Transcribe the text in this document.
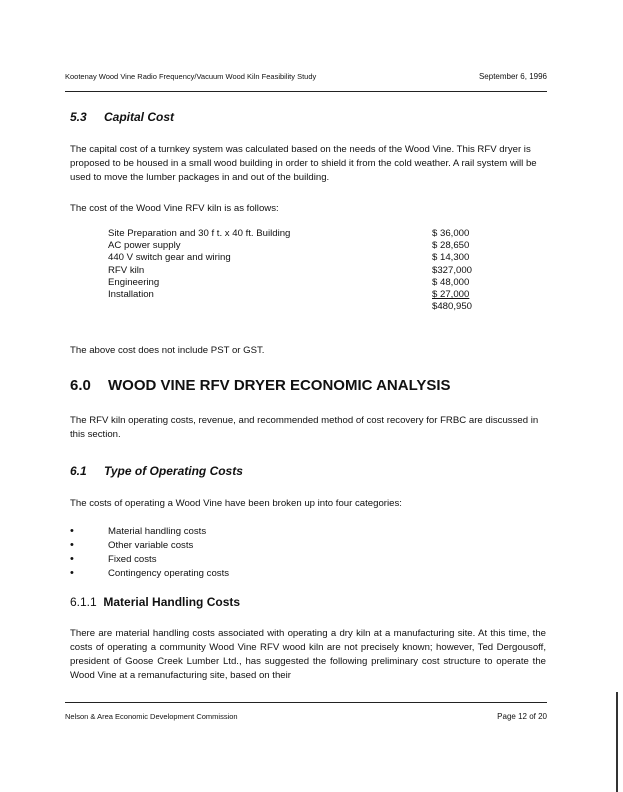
Kootenay Wood Vine Radio Frequency/Vacuum Wood Kiln Feasibility Study	September 6, 1996
5.3 Capital Cost
The capital cost of a turnkey system was calculated based on the needs of the Wood Vine. This RFV dryer is proposed to be housed in a small wood building in order to shield it from the cold weather. A rail system will be used to move the lumber packages in and out of the building.
The cost of the Wood Vine RFV kiln is as follows:
Site Preparation and 30 f t. x 40 ft. Building	$ 36,000
AC power supply	$ 28,650
440 V switch gear and wiring	$ 14,300
RFV kiln	$327,000
Engineering	$ 48,000
Installation	$ 27,000
$480,950
The above cost does not include PST or GST.
6.0 WOOD VINE RFV DRYER ECONOMIC ANALYSIS
The RFV kiln operating costs, revenue, and recommended method of cost recovery for FRBC are discussed in this section.
6.1 Type of Operating Costs
The costs of operating a Wood Vine have been broken up into four categories:
•	Material handling costs
•	Other variable costs
•	Fixed costs
•	Contingency operating costs
6.1.1 Material Handling Costs
There are material handling costs associated with operating a dry kiln at a manufacturing site. At this time, the costs of operating a community Wood Vine RFV wood kiln are not precisely known; however, Ted Dergousoff, president of Goose Creek Lumber Ltd., has suggested the following preliminary cost structure to operate the Wood Vine at a remanufacturing site, based on their
Nelson & Area Economic Development Commission	Page 12 of 20
